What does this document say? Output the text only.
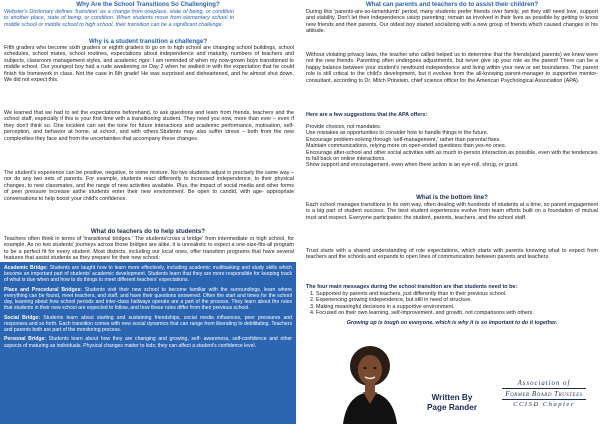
Why Are the School Transitions So Challenging?
Webster's Dictionary defines 'transition' as a change from oneplace, state of being, or condition to another place, state of being, or condition. When students move from elementary school to middle school or middle school to high school, their transition can be a significant challenge.
Why is a student transition a challenge?
Fifth graders who become sixth graders or eighth graders to go on to high school are changing school buildings, school schedules, school mates, school routines, expectations about independence and maturity, numbers of teachers and subjects, classroom management styles, and academic rigor. I am reminded of when my now-grown boys transitioned to middle school. Our youngest boy had a rude awakening on Day 2 when he walked in with the expectation that he could finish his homework in class. Not the case in 6th grade! He was surprised and disheartened, and he almost shut down. We did not expect this.
We learned that we had to set the expectations beforehand, to ask questions and learn from friends, teachers and the school staff, especially if this is your first time with a transitioning student. They need you now, more than ever – even if they don't think so. One incident can set the tone for future interactions and academic performance, motivation, self-perception, and behavior at home, at school, and with others.Students may also suffer stress – both from the new complexities they face and from the uncertainties that accompany these changes.
The student's experience can be positive, negative, or some mixture. No two students adjust in precisely the same way – nor do any two sets of parents. For example, students react differently to increased independence, to their physical changes, to new classmates, and the range of new activities available. Plus, the impact of social media and other forms of peer pressure increase asthe students enter their new environment. Be open to candid, with age- appropriate conversations to help boost your child's confidence.
What do teachers do to help students?
Teachers often think in terms of 'transitional bridges.' The students'cross a bridge' from intermediate or high school, for example. As no two students' journeys across those bridges are alike, it is unrealistic to expect a one-size-fits-all program to be a perfect fit for every student. Most districts, including our local ones, offer transition programs that have several features that assist students as they prepare for their new school:
Academic Bridge: Students are taught how to learn more effectively, including academic multitasking and study skills which become an important part of students' academic development. Students learn that they are more responsible for keeping track of what is due when and how to do things to meet different teachers' expectations.
Place and Procedural Bridges: Students visit their new school to become familiar with the surroundings, learn where everything can be found, meet teachers, and staff, and have their questions answered. Often the start and times for the school day, learning about how school periods and inter-class hallways operate are a part of the process. They learn about the rules that students in their new school are expected to follow, and how these rules differ from their previous school.
Social Bridge: Students learn about starting and sustaining friendships, social media influences, peer pressures and responses and so forth. Each transition comes with new social dynamics that can range from liberating to debilitating. Teachers and parents both are part of the monitoring process.
Personal Bridge: Students learn about how they are changing and growing, self- awareness, self-confidence and other aspects of maturing as individuals. Physical changes matter to kids; they can affect a student's confidence level.
What can parents and teachers do to assist their children?
During this 'parents-are-so-lame/dumb' period, many students prefer friends over family, yet they still need love, support and stability. Don't let their independence usurp parenting; remain as involved in their lives as possible by getting to know new friends and their parents. Our oldest boy started socializing with a new group of friends which caused changes in his attitude.
Without violating privacy laws, the teacher who called helped us to determine that the friends(and parents) we knew were not the new friends. Parenting often undergoes adjustments, but never give up your role as the parent! There can be a happy balance between your student's newfound independence and living within your new or set boundaries. The parent role is still critical to the child's development, but it evolves from the all-knowing parent-manager to supportive mentor-consultant, according to Dr. Mitch Prinstein, chief science officer for the American Psychological Association (APA).
Here are a few suggestions that the APA offers:
Provide choices, not mandates.
Use mistakes as opportunities to consider how to handle things in the future.
Encourage problem-solving through 'self-management,' rather than parental fixes.
Maintain communications, relying more on open-ended questions than yes-no ones.
Encourage after-school and other social activities with as much in-person interaction as possible, even with the tendencies to fall back on online interactions.
Show support and encouragement, even when there action is an eye-roll, shrug, or grunt.
What is the bottom line?
Each school manages transitions in its own way, often dealing with hundreds of students at a time, so parent engagement is a big part of student success. The best student experiences evolve from team efforts built on a foundation of mutual trust and respect. Everyone participates: the student, parents, teachers, and the school staff.
Trust starts with a shared understanding of role expectations, which starts with parents knowing what to expect from teachers and the schools and expands to open lines of communication between parents and teachers.
The four main messages during the school transition are that students need to be:
1. Supported by parents and teachers, just differently than in their previous school.
2. Experiencing growing independence, but still in need of structure.
3. Making meaningful decisions in a supportive environment.
4. Focused on their own learning, self-improvement, and growth, not comparisons with others.
Growing up is tough on everyone, which is why it is so important to do it together.
Written By
Page Rander
Association of
Former Board Trustees
CCISD Chapter
